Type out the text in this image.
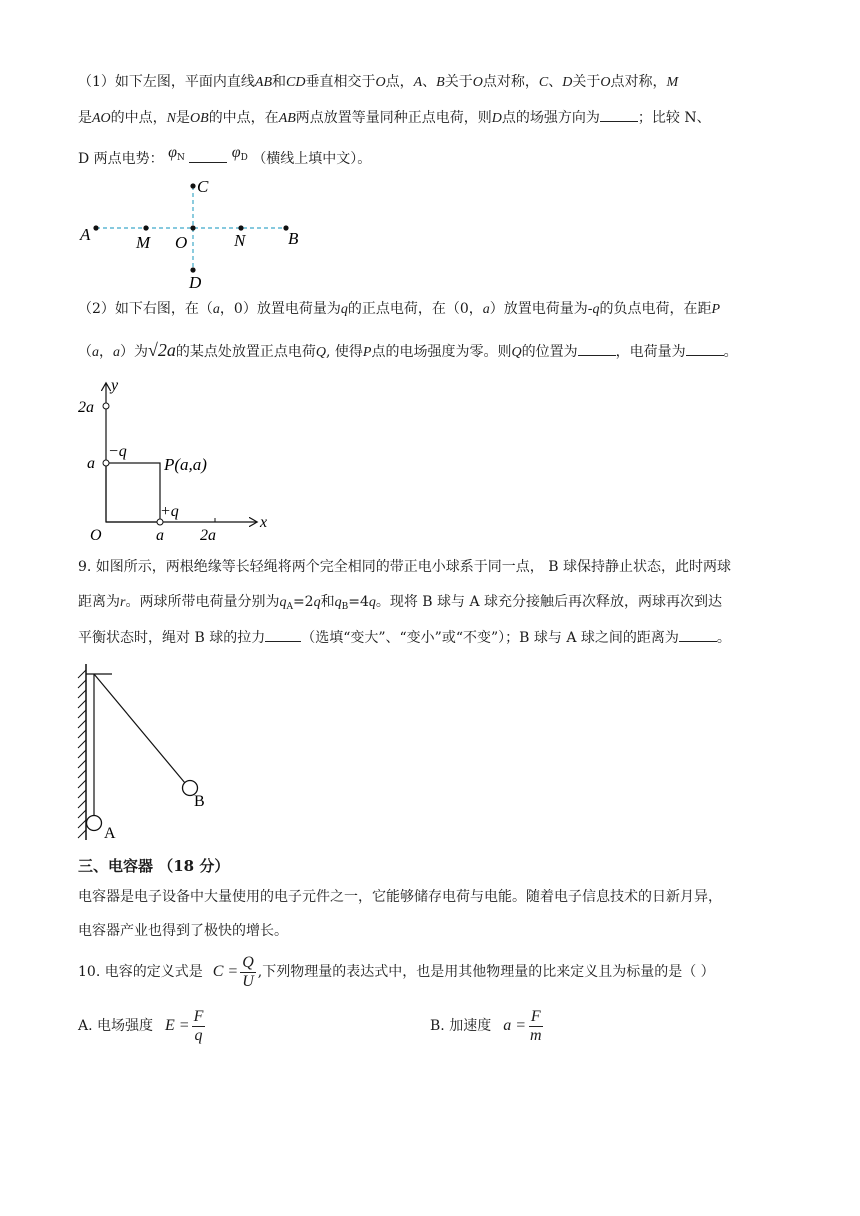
（1）如下左图，平面内直线AB和CD垂直相交于O点，A、B关于O点对称，C、D关于O点对称，M
是AO的中点，N是OB的中点，在AB两点放置等量同种正点电荷，则D点的场强方向为	；比较 N、
D 两点电势： $\varphi^N$	$\varphi^D$ （横线上填中文）。
A	M O	N	B
C
D
（2）如下右图，在（a，0）放置电荷量为q的正点电荷，在（0，a）放置电荷量为-q的负点电荷，在距P
（a，a）为√2a的某点处放置正点电荷Q, 使得P点的电场强度为零。则Q的位置为	，电荷量为	。
y
x
2a
a
−q
P(a,a)
O	a
+q
2a
9. 如图所示，两根绝缘等长轻绳将两个完全相同的带正电小球系于同一点， B 球保持静止状态，此时两球
距离为r。两球所带电荷量分别为$q_A=2q$和$q_B=4q$。现将 B 球与 A 球充分接触后再次释放，两球再次到达
平衡状态时，绳对 B 球的拉力	（选填“变大”、“变小”或“不变”）；B 球与 A 球之间的距离为	。
A
B
三、电容器 （18 分）
电容器是电子设备中大量使用的电子元件之一，它能够储存电荷与电能。随着电子信息技术的日新月异，
电容器产业也得到了极快的增长。
10. 电容的定义式是 $C = \frac{Q}{U}$ ,下列物理量的表达式中，也是用其他物理量的比来定义且为标量的是（ ）
A. 电场强度 $E = \frac{F}{q}$	B. 加速度 $a = \frac{F}{m}$
